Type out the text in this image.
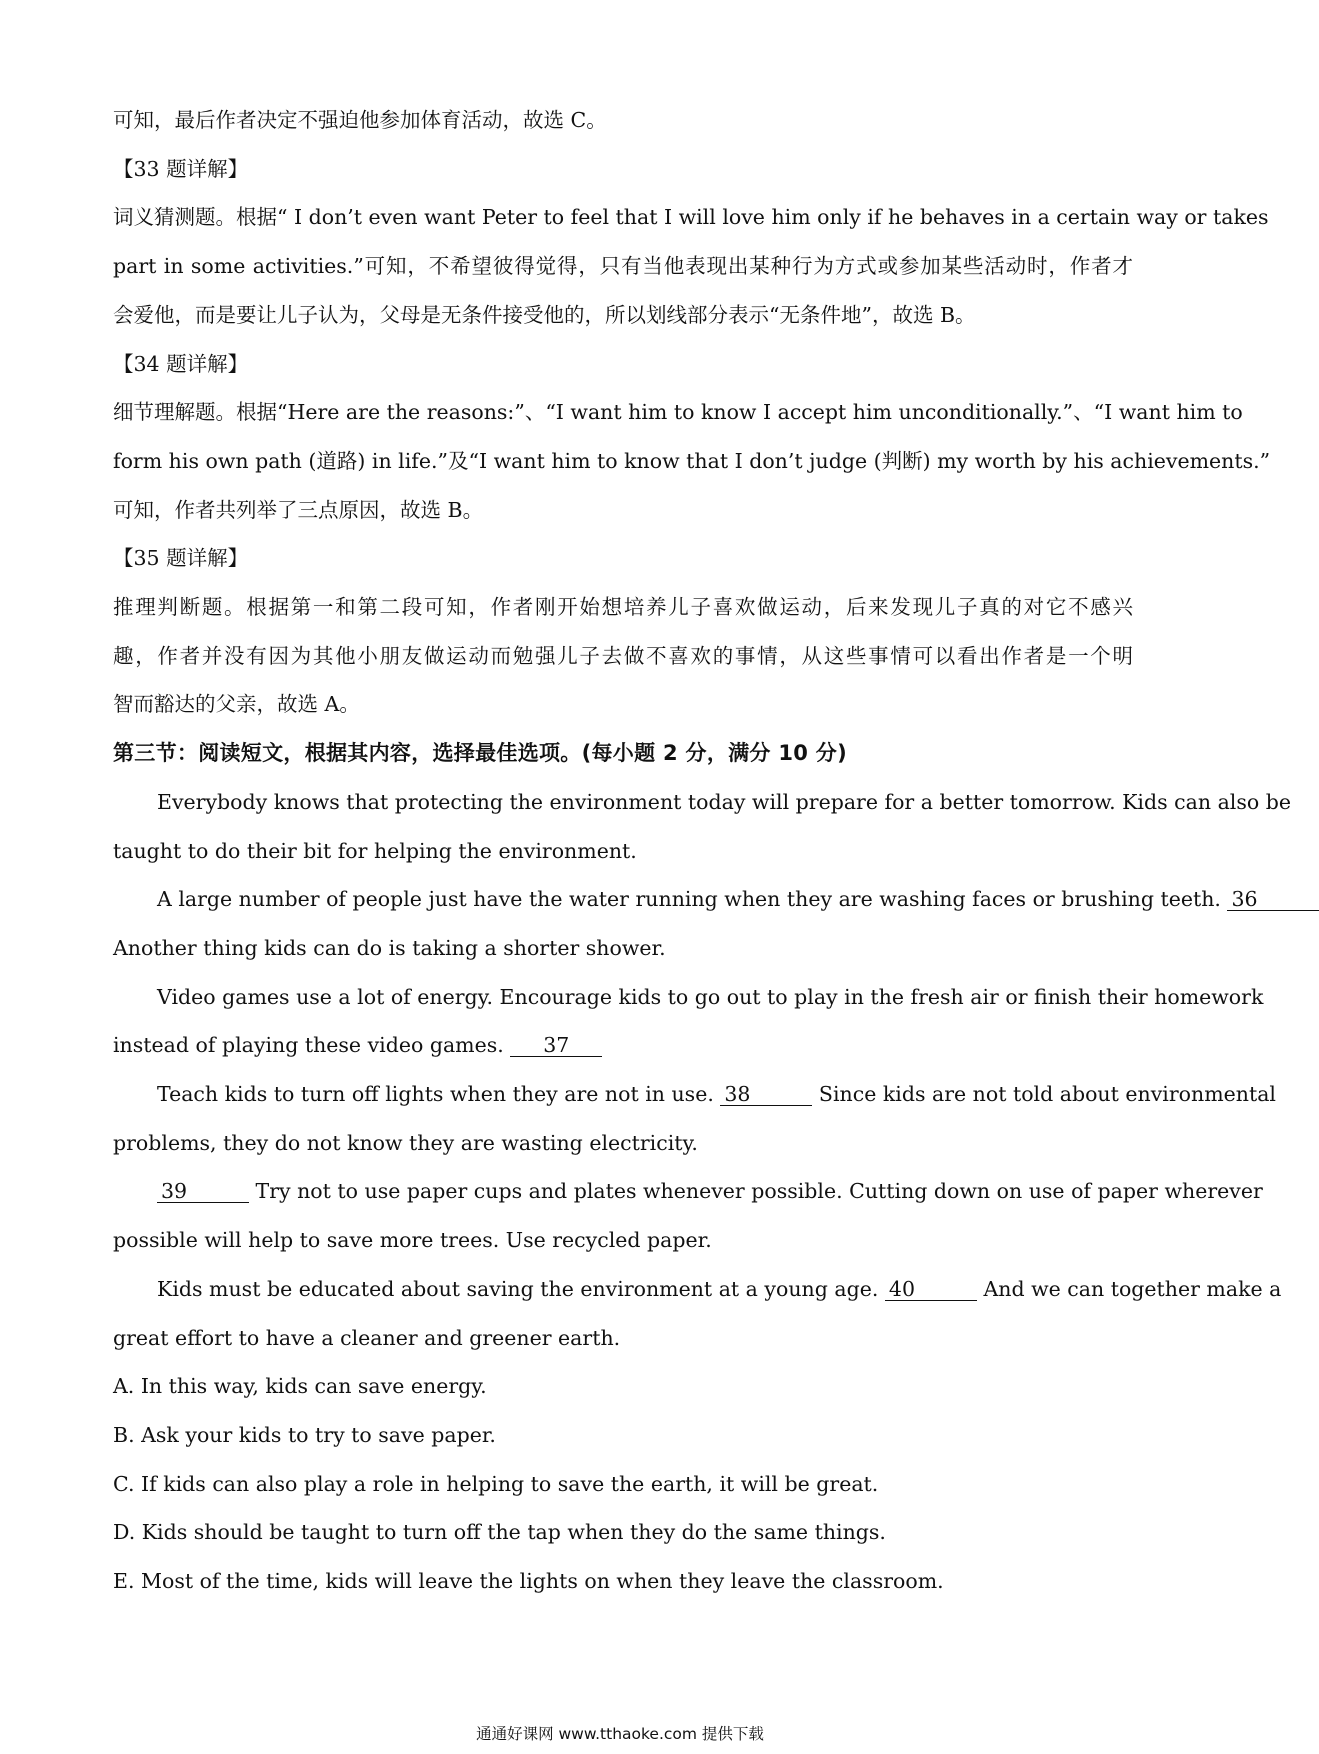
可知，最后作者决定不强迫他参加体育活动，故选 C。

【33 题详解】

词义猜测题。根据“ I don’t even want Peter to feel that I will love him only if he behaves in a certain way or takes

part in some activities.”可知，不希望彼得觉得，只有当他表现出某种行为方式或参加某些活动时，作者才

会爱他，而是要让儿子认为，父母是无条件接受他的，所以划线部分表示“无条件地”，故选 B。

【34 题详解】

细节理解题。根据“Here are the reasons:”、“I want him to know I accept him unconditionally.”、“I want him to

form his own path (道路) in life.”及“I want him to know that I don’t judge (判断) my worth by his achievements.”

可知，作者共列举了三点原因，故选 B。

【35 题详解】

推理判断题。根据第一和第二段可知，作者刚开始想培养儿子喜欢做运动，后来发现儿子真的对它不感兴

趣，作者并没有因为其他小朋友做运动而勉强儿子去做不喜欢的事情，从这些事情可以看出作者是一个明

智而豁达的父亲，故选 A。

第三节：阅读短文，根据其内容，选择最佳选项。(每小题 2 分，满分 10 分)

Everybody knows that protecting the environment today will prepare for a better tomorrow. Kids can also be

taught to do their bit for helping the environment.

A large number of people just have the water running when they are washing faces or brushing teeth. 36

Another thing kids can do is taking a shorter shower.

Video games use a lot of energy. Encourage kids to go out to play in the fresh air or finish their homework

instead of playing these video games. 37

Teach kids to turn off lights when they are not in use. 38	Since kids are not told about environmental

problems, they do not know they are wasting electricity.

39	Try not to use paper cups and plates whenever possible. Cutting down on use of paper wherever

possible will help to save more trees. Use recycled paper.

Kids must be educated about saving the environment at a young age. 40	And we can together make a

great effort to have a cleaner and greener earth.

A. In this way, kids can save energy.

B. Ask your kids to try to save paper.

C. If kids can also play a role in helping to save the earth, it will be great.

D. Kids should be taught to turn off the tap when they do the same things.

E. Most of the time, kids will leave the lights on when they leave the classroom.

通通好课网 www.tthaoke.com 提供下载
